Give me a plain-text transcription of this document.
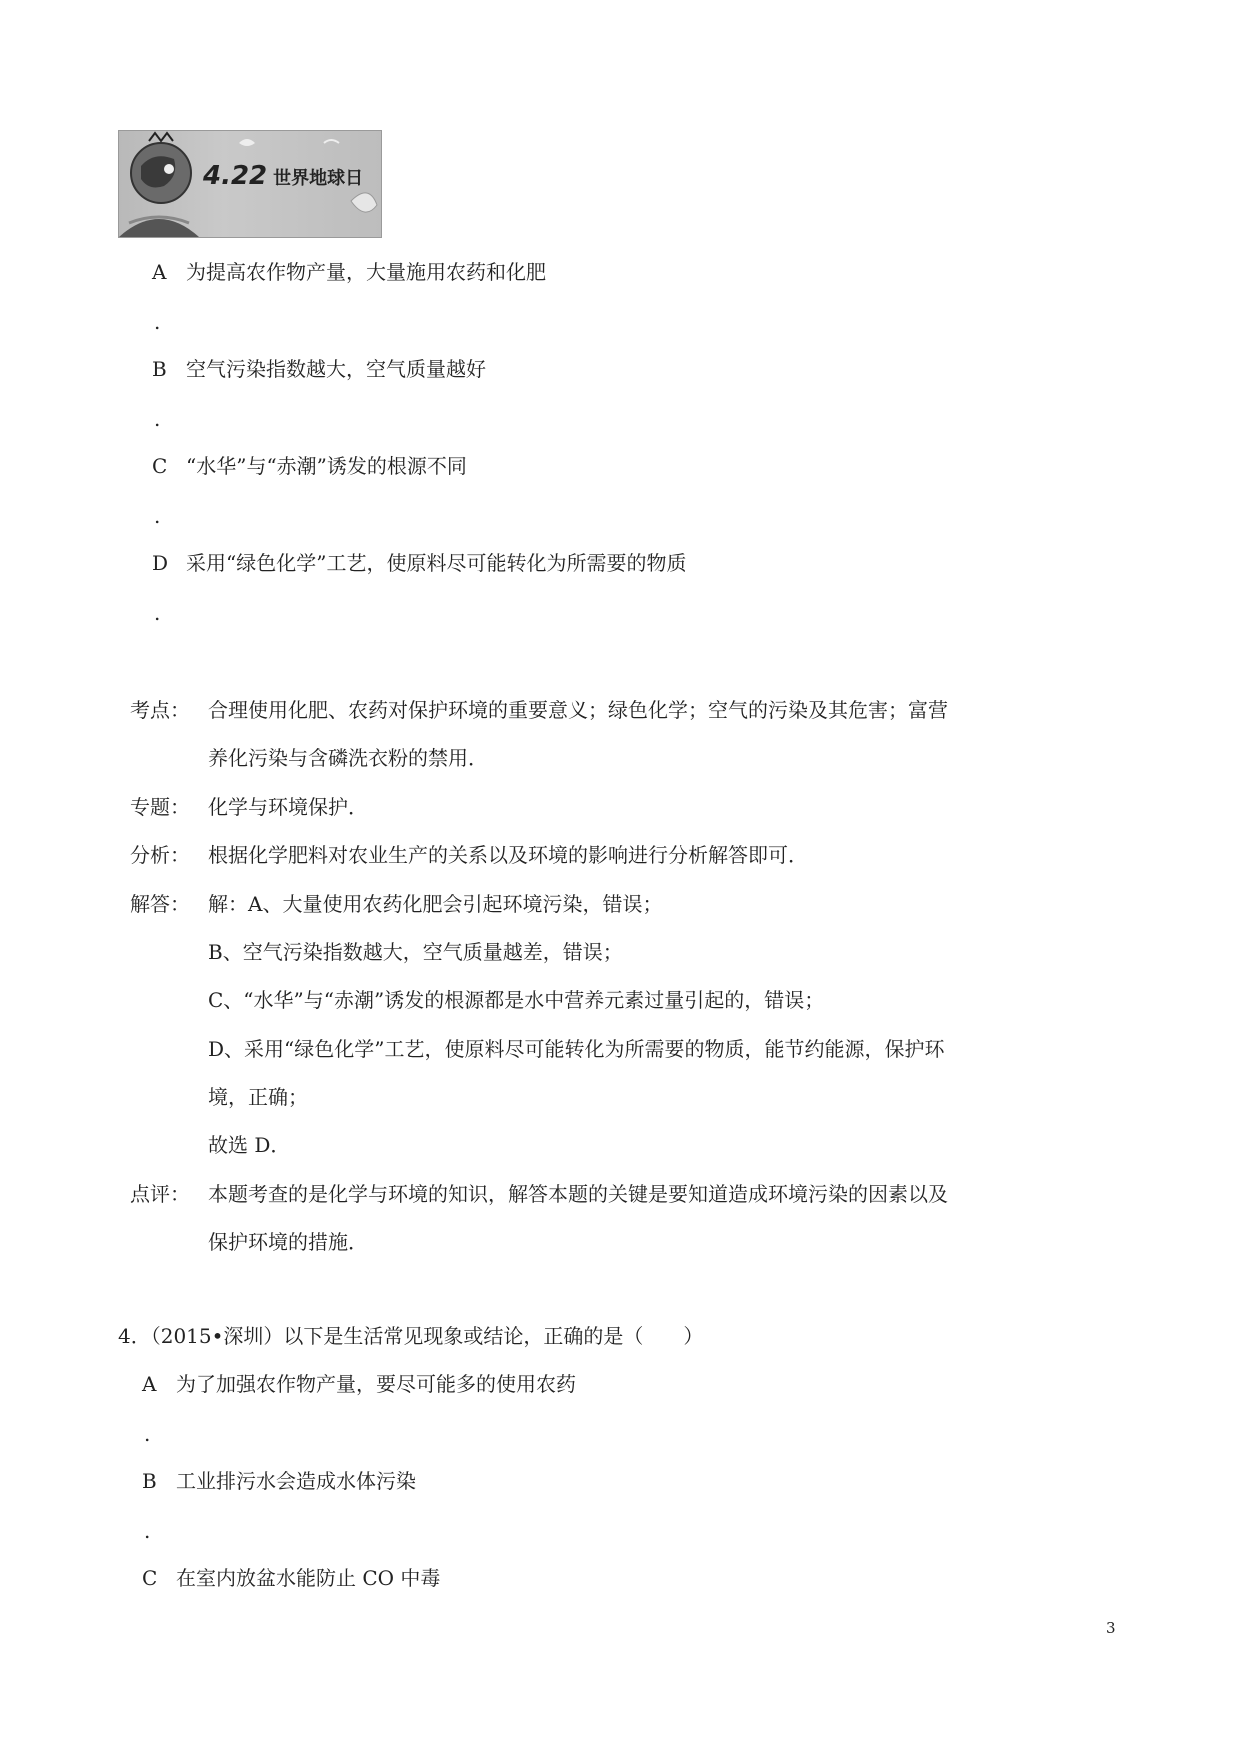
4.22 世界地球日
A 为提高农作物产量，大量施用农药和化肥
.
B 空气污染指数越大，空气质量越好
.
C “水华”与“赤潮”诱发的根源不同
.
D 采用“绿色化学”工艺，使原料尽可能转化为所需要的物质
.
考点： 合理使用化肥、农药对保护环境的重要意义；绿色化学；空气的污染及其危害；富营
养化污染与含磷洗衣粉的禁用．
专题： 化学与环境保护．
分析： 根据化学肥料对农业生产的关系以及环境的影响进行分析解答即可．
解答： 解：A、大量使用农药化肥会引起环境污染，错误；
B、空气污染指数越大，空气质量越差，错误；
C、“水华”与“赤潮”诱发的根源都是水中营养元素过量引起的，错误；
D、采用“绿色化学”工艺，使原料尽可能转化为所需要的物质，能节约能源，保护环
境，正确；
故选 D．
点评： 本题考查的是化学与环境的知识，解答本题的关键是要知道造成环境污染的因素以及
保护环境的措施．
4．（2015•深圳）以下是生活常见现象或结论，正确的是（　　）
A 为了加强农作物产量，要尽可能多的使用农药
.
B 工业排污水会造成水体污染
.
C 在室内放盆水能防止 CO 中毒
3
